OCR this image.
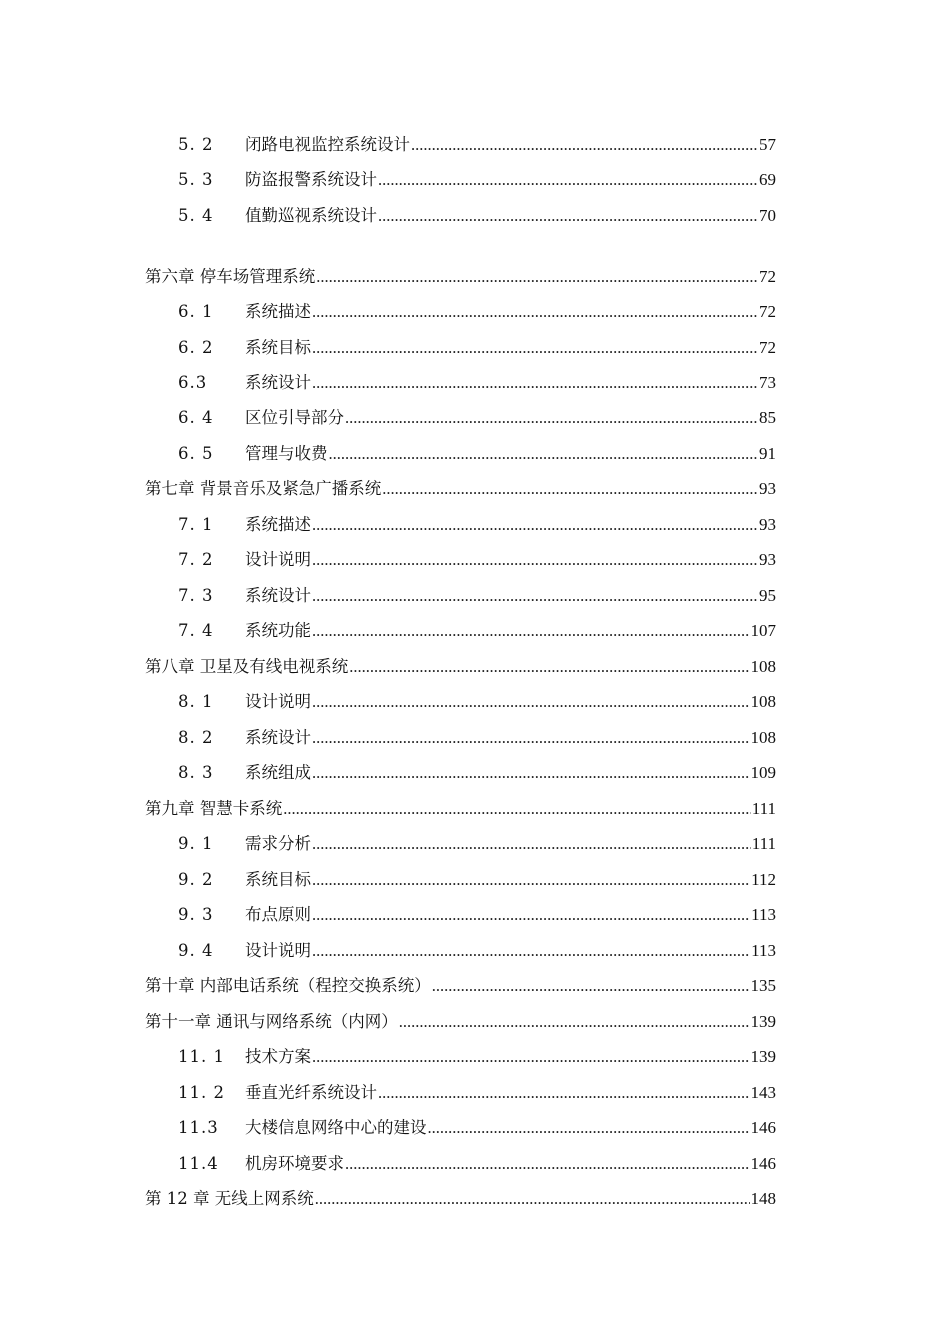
5. 2	闭路电视监控系统设计 .....	57
5. 3	防盗报警系统设计 .....	69
5. 4	值勤巡视系统设计 .....	70
第六章 停车场管理系统 .....	72
6. 1	系统描述 .....	72
6. 2	系统目标 .....	72
6.3	系统设计 .....	73
6. 4	区位引导部分 .....	85
6. 5	管理与收费 .....	91
第七章 背景音乐及紧急广播系统 .....	93
7. 1	系统描述 .....	93
7. 2	设计说明 .....	93
7. 3	系统设计 .....	95
7. 4	系统功能 .....	107
第八章 卫星及有线电视系统 .....	108
8. 1	设计说明 .....	108
8. 2	系统设计 .....	108
8. 3	系统组成 .....	109
第九章 智慧卡系统 .....	111
9. 1	需求分析 .....	111
9. 2	系统目标 .....	112
9. 3	布点原则 .....	113
9. 4	设计说明 .....	113
第十章 内部电话系统（程控交换系统） .....	135
第十一章 通讯与网络系统（内网） .....	139
11. 1	技术方案 .....	139
11. 2	垂直光纤系统设计 .....	143
11.3	大楼信息网络中心的建设 .....	146
11.4	机房环境要求 .....	146
第 12 章 无线上网系统 .....	148
